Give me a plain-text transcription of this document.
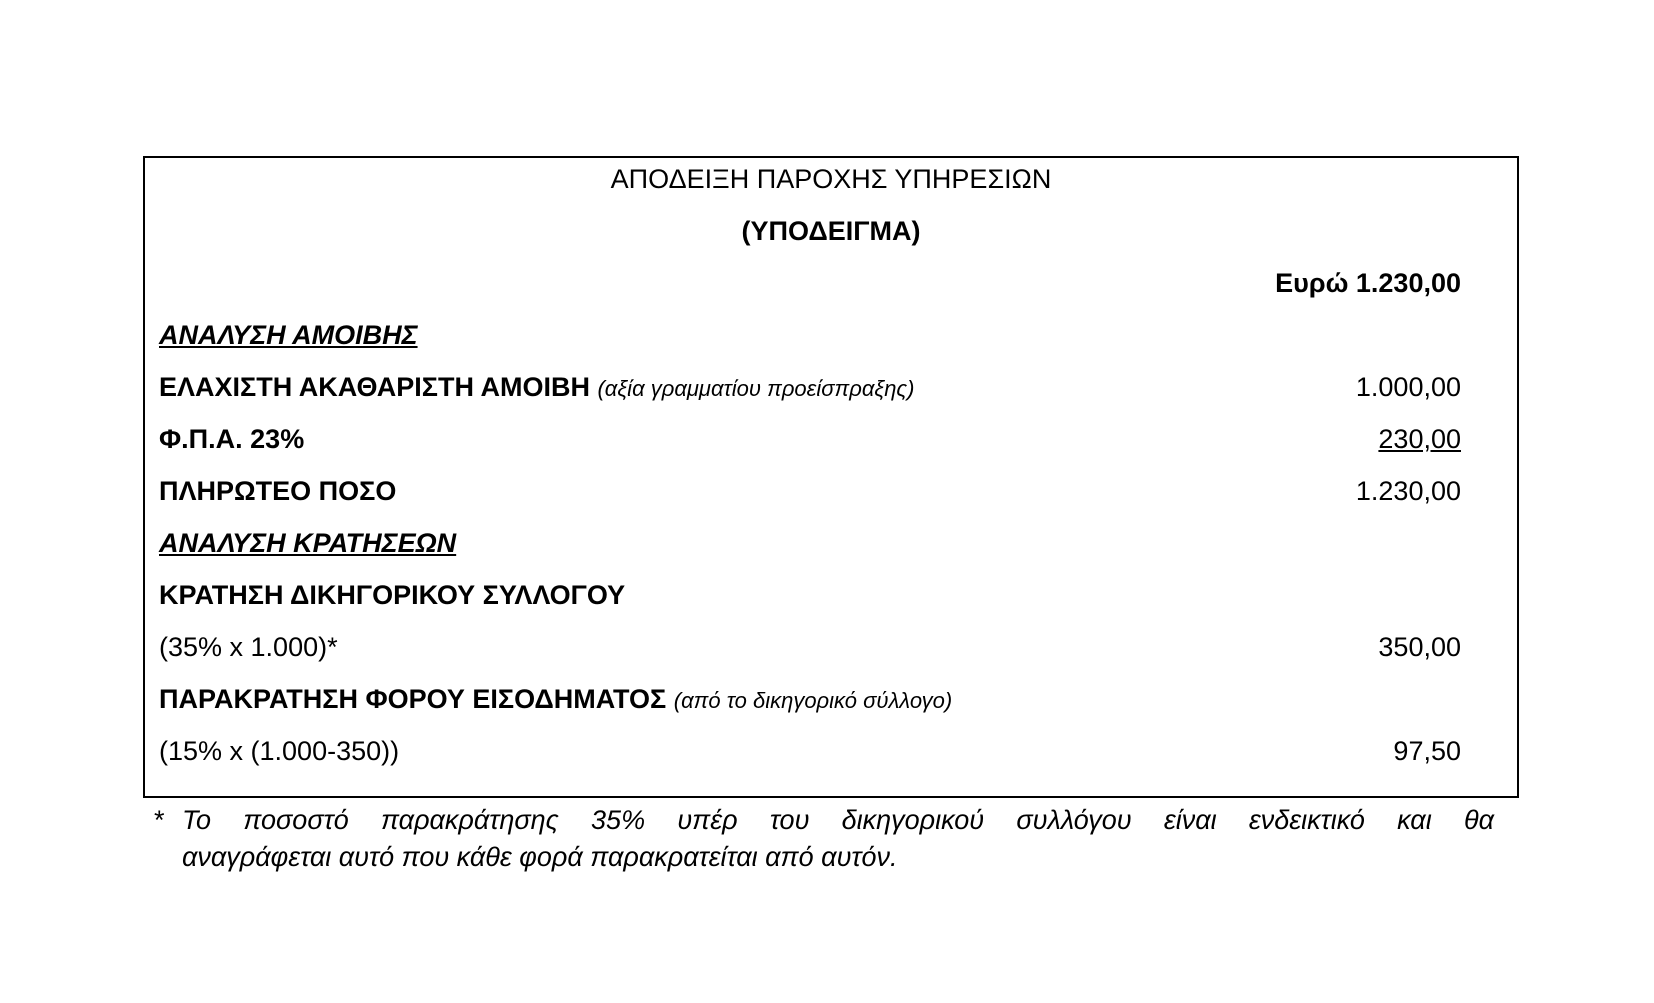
ΑΠΟΔΕΙΞΗ ΠΑΡΟΧΗΣ ΥΠΗΡΕΣΙΩΝ
(ΥΠΟΔΕΙΓΜΑ)
Ευρώ 1.230,00
ΑΝΑΛΥΣΗ ΑΜΟΙΒΗΣ
ΕΛΑΧΙΣΤΗ ΑΚΑΘΑΡΙΣΤΗ ΑΜΟΙΒΗ (αξία γραμματίου προείσπραξης)	1.000,00
Φ.Π.Α. 23%	230,00
ΠΛΗΡΩΤΕΟ ΠΟΣΟ	1.230,00
ΑΝΑΛΥΣΗ ΚΡΑΤΗΣΕΩΝ
ΚΡΑΤΗΣΗ ΔΙΚΗΓΟΡΙΚΟΥ ΣΥΛΛΟΓΟΥ
(35% x 1.000)*	350,00
ΠΑΡΑΚΡΑΤΗΣΗ ΦΟΡΟΥ ΕΙΣΟΔΗΜΑΤΟΣ (από το δικηγορικό σύλλογο)
(15% x (1.000-350))	97,50
* Το ποσοστό παρακράτησης 35% υπέρ του δικηγορικού συλλόγου είναι ενδεικτικό και θα
αναγράφεται αυτό που κάθε φορά παρακρατείται από αυτόν.
